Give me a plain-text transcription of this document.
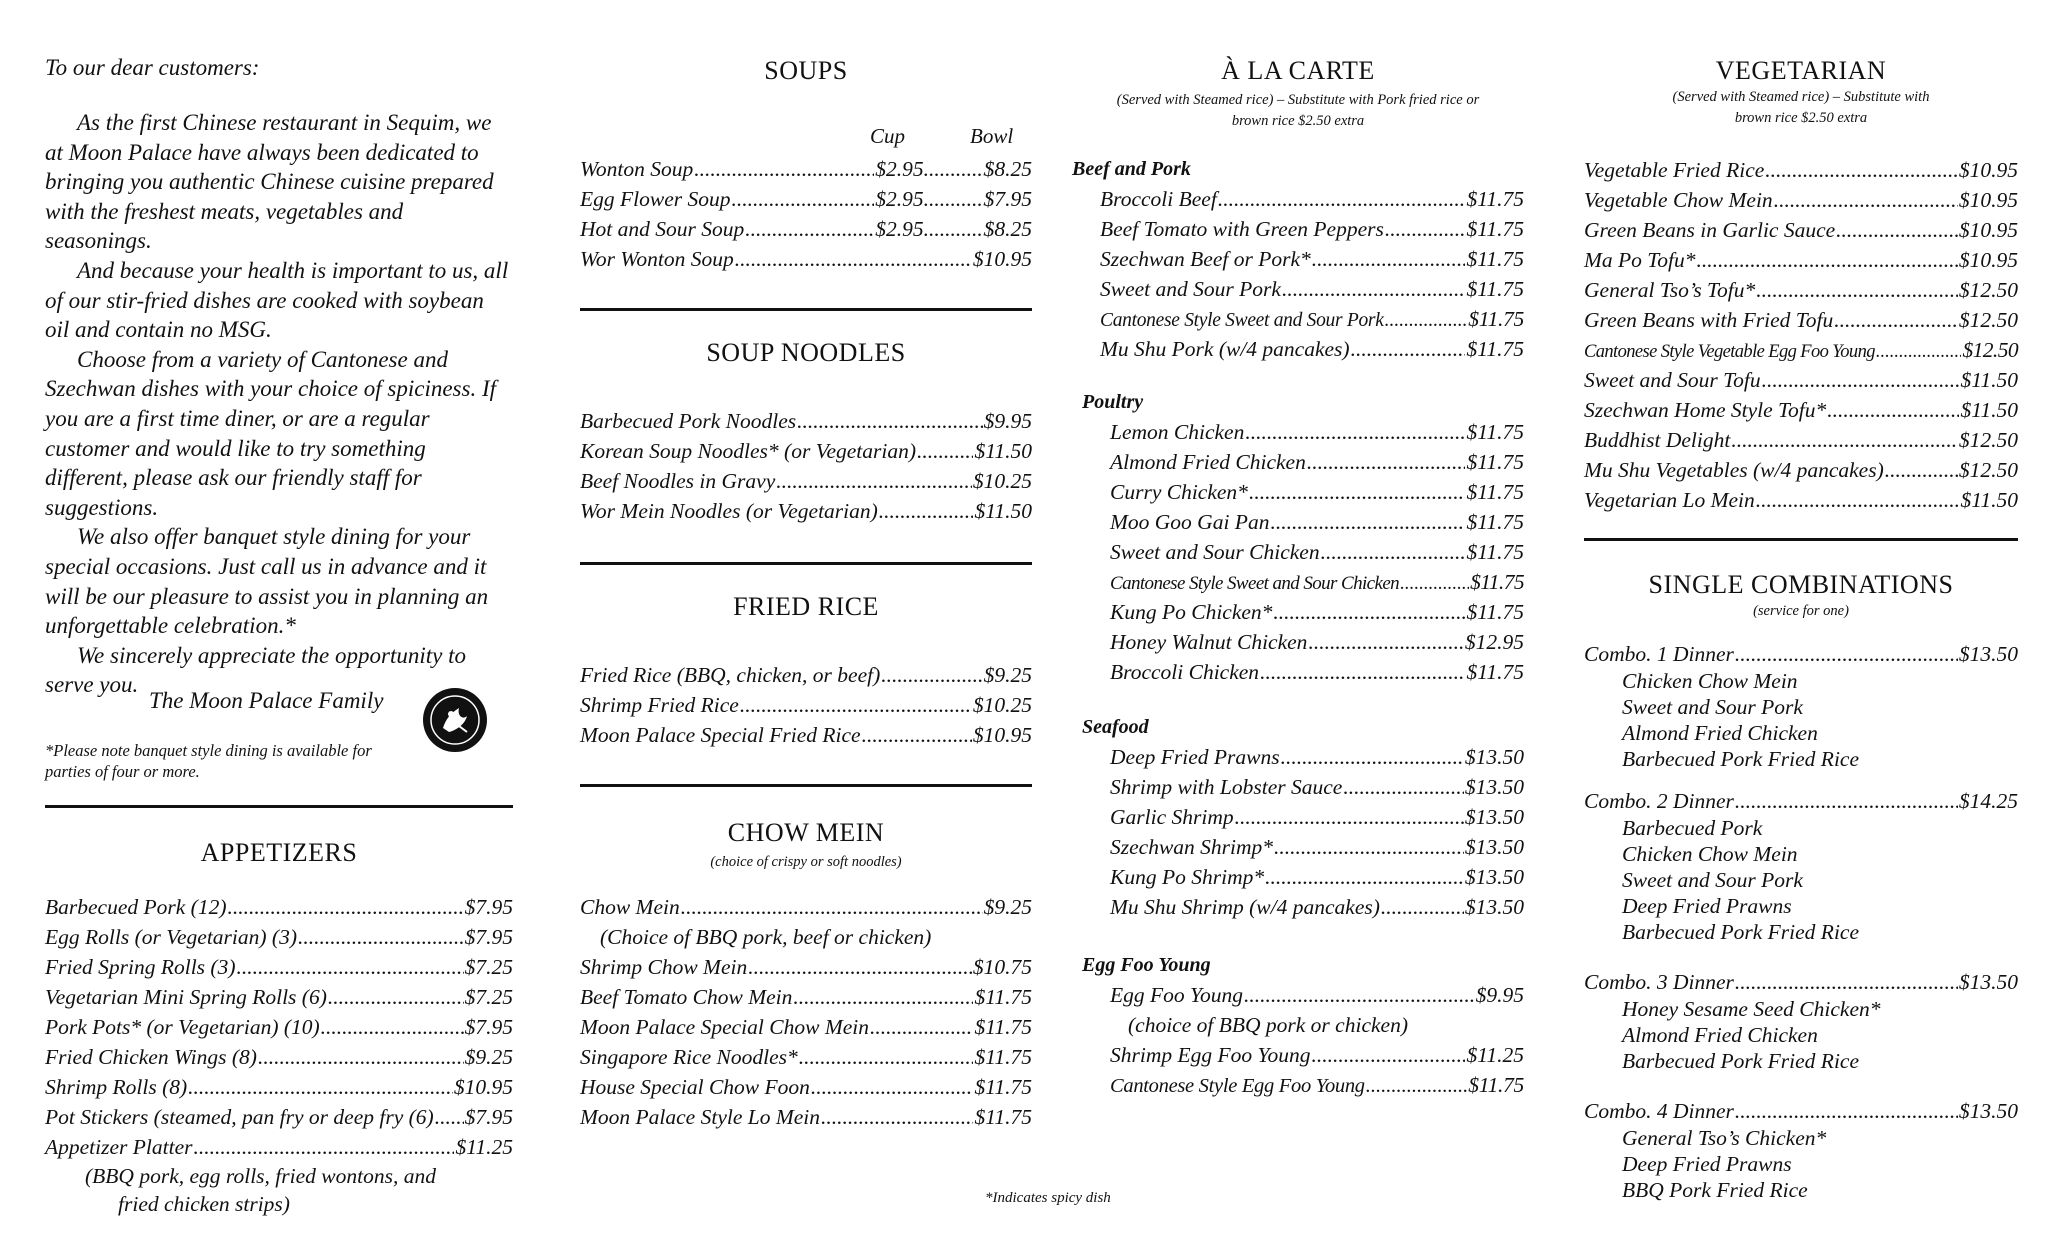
To our dear customers:

As the first Chinese restaurant in Sequim, we at Moon Palace have always been dedicated to bringing you authentic Chinese cuisine prepared with the freshest meats, vegetables and seasonings.

And because your health is important to us, all of our stir-fried dishes are cooked with soybean oil and contain no MSG.

Choose from a variety of Cantonese and Szechwan dishes with your choice of spiciness. If you are a first time diner, or are a regular customer and would like to try something different, please ask our friendly staff for suggestions.

We also offer banquet style dining for your special occasions. Just call us in advance and it will be our pleasure to assist you in planning an unforgettable celebration.*

We sincerely appreciate the opportunity to serve you.

The Moon Palace Family
*Please note banquet style dining is available for parties of four or more.
APPETIZERS
Barbecued Pork (12) .....	$7.95
Egg Rolls (or Vegetarian) (3) .....	$7.95
Fried Spring Rolls (3) .....	$7.25
Vegetarian Mini Spring Rolls (6) .....	$7.25
Pork Pots* (or Vegetarian) (10) .....	$7.95
Fried Chicken Wings (8) .....	$9.25
Shrimp Rolls (8) .....	$10.95
Pot Stickers (steamed, pan fry or deep fry (6) ..... $7.95
Appetizer Platter .....	$11.25
(BBQ pork, egg rolls, fried wontons, and
fried chicken strips)
SOUPS
Cup	Bowl
Wonton Soup .....	$2.95 .....	$8.25
Egg Flower Soup .....	$2.95 .....	$7.95
Hot and Sour Soup .....	$2.95 .....	$8.25
Wor Wonton Soup .....	$10.95
SOUP NOODLES
Barbecued Pork Noodles .....	$9.95
Korean Soup Noodles* (or Vegetarian) .....	$11.50
Beef Noodles in Gravy .....	$10.25
Wor Mein Noodles (or Vegetarian) .....	$11.50
FRIED RICE
Fried Rice (BBQ, chicken, or beef) .....	$9.25
Shrimp Fried Rice .....	$10.25
Moon Palace Special Fried Rice .....	$10.95
CHOW MEIN
(choice of crispy or soft noodles)
Chow Mein .....	$9.25
(Choice of BBQ pork, beef or chicken)
Shrimp Chow Mein .....	$10.75
Beef Tomato Chow Mein .....	$11.75
Moon Palace Special Chow Mein .....	$11.75
Singapore Rice Noodles* .....	$11.75
House Special Chow Foon .....	$11.75
Moon Palace Style Lo Mein .....	$11.75
*Indicates spicy dish
À LA CARTE
(Served with Steamed rice) – Substitute with Pork fried rice or
brown rice $2.50 extra
Beef and Pork
Broccoli Beef .....	$11.75
Beef Tomato with Green Peppers .....	$11.75
Szechwan Beef or Pork* .....	$11.75
Sweet and Sour Pork .....	$11.75
Cantonese Style Sweet and Sour Pork .....	$11.75
Mu Shu Pork (w/4 pancakes) .....	$11.75
Poultry
Lemon Chicken .....	$11.75
Almond Fried Chicken .....	$11.75
Curry Chicken* .....	$11.75
Moo Goo Gai Pan .....	$11.75
Sweet and Sour Chicken .....	$11.75
Cantonese Style Sweet and Sour Chicken .....	$11.75
Kung Po Chicken* .....	$11.75
Honey Walnut Chicken .....	$12.95
Broccoli Chicken .....	$11.75
Seafood
Deep Fried Prawns .....	$13.50
Shrimp with Lobster Sauce .....	$13.50
Garlic Shrimp .....	$13.50
Szechwan Shrimp* .....	$13.50
Kung Po Shrimp* .....	$13.50
Mu Shu Shrimp (w/4 pancakes) .....	$13.50
Egg Foo Young
Egg Foo Young .....	$9.95
(choice of BBQ pork or chicken)
Shrimp Egg Foo Young .....	$11.25
Cantonese Style Egg Foo Young .....	$11.75
VEGETARIAN
(Served with Steamed rice) – Substitute with
brown rice $2.50 extra
Vegetable Fried Rice .....	$10.95
Vegetable Chow Mein .....	$10.95
Green Beans in Garlic Sauce .....	$10.95
Ma Po Tofu* .....	$10.95
General Tso’s Tofu* .....	$12.50
Green Beans with Fried Tofu .....	$12.50
Cantonese Style Vegetable Egg Foo Young .....	$12.50
Sweet and Sour Tofu .....	$11.50
Szechwan Home Style Tofu* .....	$11.50
Buddhist Delight .....	$12.50
Mu Shu Vegetables (w/4 pancakes) .....	$12.50
Vegetarian Lo Mein .....	$11.50
SINGLE COMBINATIONS
(service for one)
Combo. 1 Dinner .....	$13.50
Chicken Chow Mein
Sweet and Sour Pork
Almond Fried Chicken
Barbecued Pork Fried Rice
Combo. 2 Dinner .....	$14.25
Barbecued Pork
Chicken Chow Mein
Sweet and Sour Pork
Deep Fried Prawns
Barbecued Pork Fried Rice
Combo. 3 Dinner .....	$13.50
Honey Sesame Seed Chicken*
Almond Fried Chicken
Barbecued Pork Fried Rice
Combo. 4 Dinner .....	$13.50
General Tso’s Chicken*
Deep Fried Prawns
BBQ Pork Fried Rice
